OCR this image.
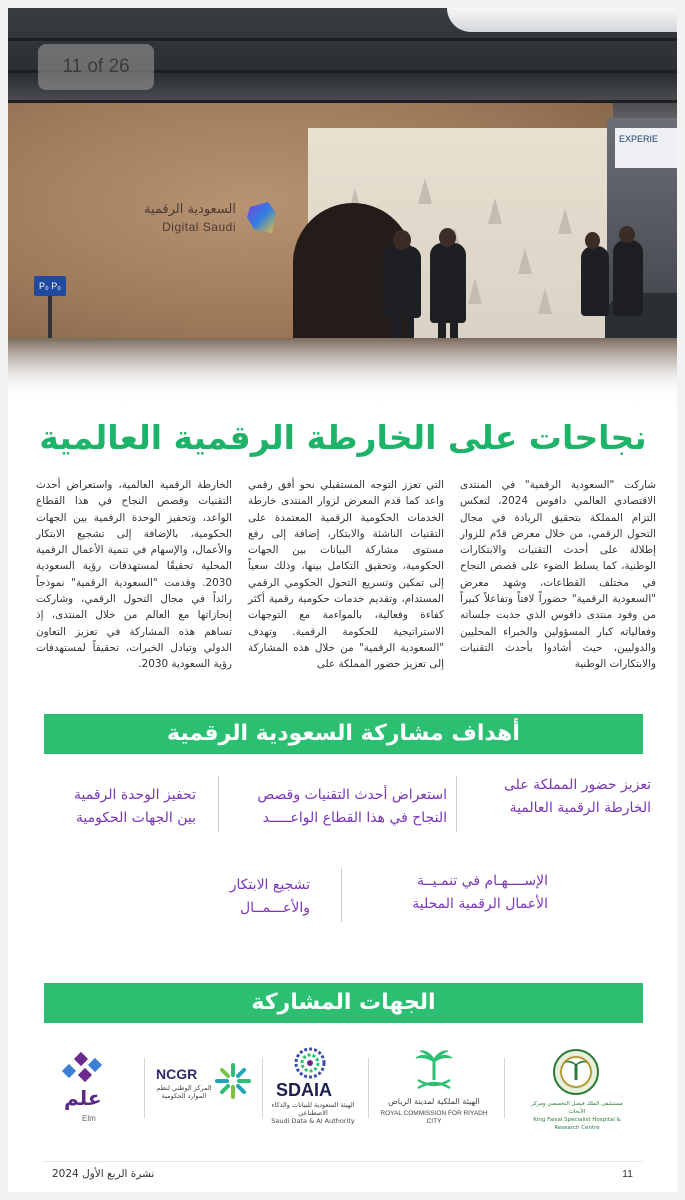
EXPERIE
السعودية الرقمية
Digital Saudi
P₀ P₀
11 of 26
نجاحات على الخارطة الرقمية العالمية
شاركت "السعودية الرقمية" في المنتدى الاقتصادي العالمي دافوس 2024، لتعكس التزام المملكة بتحقيق الريادة في مجال التحول الرقمي، من خلال معرض قدّم للزوار إطلالة على أحدث التقنيات والابتكارات الوطنية، كما يسلط الضوء على قصص النجاح في مختلف القطاعات، وشهد معرض "السعودية الرقمية" حضوراً لافتاً وتفاعلاً كبيراً من وفود منتدى دافوس الذي جذبت جلساته وفعالياته كبار المسؤولين والخبراء المحليين والدوليين، حيث أشادوا بأحدث التقنيات والابتكارات الوطنية
التي تعزز التوجه المستقبلي نحو أفق رقمي واعد كما قدم المعرض لزوار المنتدى خارطة الخدمات الحكومية الرقمية المعتمدة على التقنيات الناشئة والابتكار، إضافة إلى رفع مستوى مشاركة البيانات بين الجهات الحكومية، وتحقيق التكامل بينها، وذلك سعياً إلى تمكين وتسريع التحول الحكومي الرقمي المستدام، وتقديم خدمات حكومية رقمية أكثر كفاءة وفعالية، بالمواءمة مع التوجهات الاستراتيجية للحكومة الرقمية. وتهدف "السعودية الرقمية" من خلال هذه المشاركة إلى تعزيز حضور المملكة على
الخارطة الرقمية العالمية، واستعراض أحدث التقنيات وقصص النجاح في هذا القطاع الواعد، وتحفيز الوحدة الرقمية بين الجهات الحكومية، بالإضافة إلى تشجيع الابتكار والأعمال، والإسهام في تنمية الأعمال الرقمية المحلية تحقيقًا لمستهدفات رؤية السعودية 2030. وقدمت "السعودية الرقمية" نموذجاً رائداً في مجال التحول الرقمي، وشاركت إنجازاتها مع العالم من خلال المنتدى، إذ تساهم هذه المشاركة في تعزيز التعاون الدولي وتبادل الخبرات، تحقيقاً لمستهدفات رؤية السعودية 2030.
أهداف مشاركة السعودية الرقمية
تعزيز حضور المملكة على
الخارطة الرقمية العالمية
استعراض أحدث التقنيات وقصص
النجاح في هذا القطاع الواعـــــد
تحفيز الوحدة الرقمية
بين الجهات الحكومية
الإســــهـام في تنمـيــة
الأعمال الرقمية المحلية
تشجيع الابتكار
والأعـــمــال
الجهات المشاركة
علم
Elm
NCGR
المركز الوطني لنظم الموارد الحكومية	SDAIA
الهيئة السعودية للبيانات والذكاء الاصطناعي
Saudi Data & AI Authority
الهيئة الملكية لمدينة الرياض
ROYAL COMMISSION FOR RIYADH CITY
مستشفى الملك فيصل التخصصي ومركز الأبحاث
King Faisal Specialist Hospital & Research Centre
نشرة الربع الأول 2024	11
